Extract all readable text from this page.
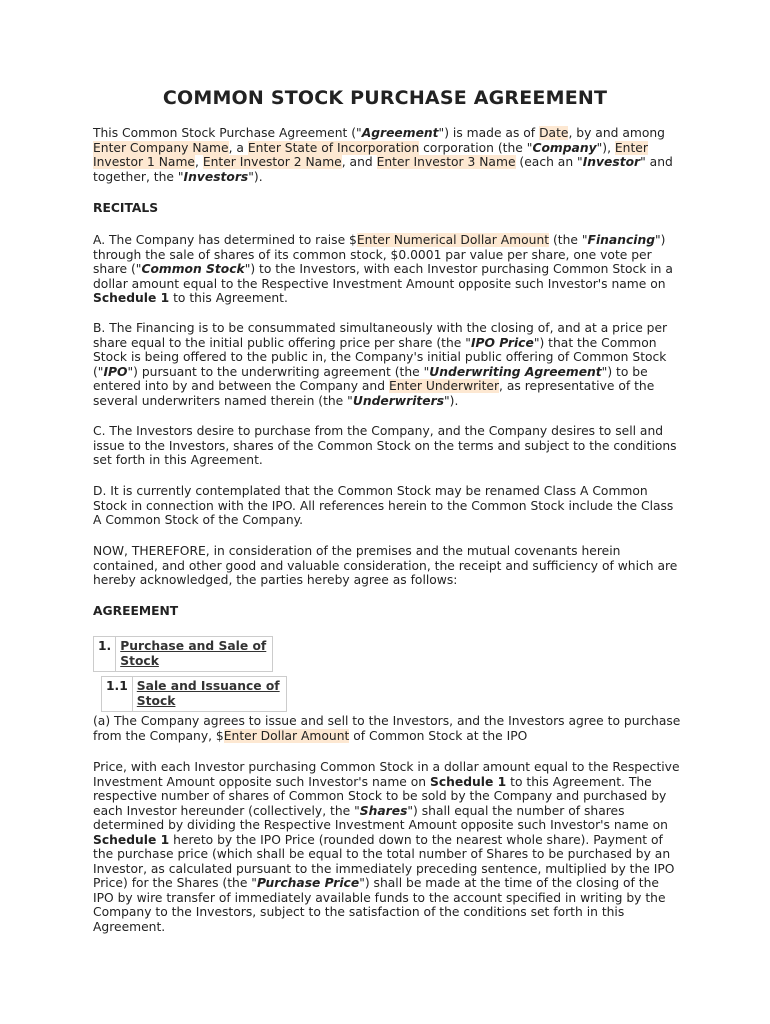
COMMON STOCK PURCHASE AGREEMENT

This Common Stock Purchase Agreement ("Agreement") is made as of Date, by and among Enter Company Name, a Enter State of Incorporation corporation (the "Company"), Enter Investor 1 Name, Enter Investor 2 Name, and Enter Investor 3 Name (each an "Investor" and together, the "Investors").

RECITALS

A. The Company has determined to raise $Enter Numerical Dollar Amount (the "Financing") through the sale of shares of its common stock, $0.0001 par value per share, one vote per share ("Common Stock") to the Investors, with each Investor purchasing Common Stock in a dollar amount equal to the Respective Investment Amount opposite such Investor's name on Schedule 1 to this Agreement.

B. The Financing is to be consummated simultaneously with the closing of, and at a price per share equal to the initial public offering price per share (the "IPO Price") that the Common Stock is being offered to the public in, the Company's initial public offering of Common Stock ("IPO") pursuant to the underwriting agreement (the "Underwriting Agreement") to be entered into by and between the Company and Enter Underwriter, as representative of the several underwriters named therein (the "Underwriters").

C. The Investors desire to purchase from the Company, and the Company desires to sell and issue to the Investors, shares of the Common Stock on the terms and subject to the conditions set forth in this Agreement.

D. It is currently contemplated that the Common Stock may be renamed Class A Common Stock in connection with the IPO. All references herein to the Common Stock include the Class A Common Stock of the Company.

NOW, THEREFORE, in consideration of the premises and the mutual covenants herein contained, and other good and valuable consideration, the receipt and sufficiency of which are hereby acknowledged, the parties hereby agree as follows:

AGREEMENT
1.	Purchase and Sale of Stock
1.1	Sale and Issuance of Stock

(a) The Company agrees to issue and sell to the Investors, and the Investors agree to purchase from the Company, $Enter Dollar Amount of Common Stock at the IPO

Price, with each Investor purchasing Common Stock in a dollar amount equal to the Respective Investment Amount opposite such Investor's name on Schedule 1 to this Agreement. The respective number of shares of Common Stock to be sold by the Company and purchased by each Investor hereunder (collectively, the "Shares") shall equal the number of shares determined by dividing the Respective Investment Amount opposite such Investor's name on Schedule 1 hereto by the IPO Price (rounded down to the nearest whole share). Payment of the purchase price (which shall be equal to the total number of Shares to be purchased by an Investor, as calculated pursuant to the immediately preceding sentence, multiplied by the IPO Price) for the Shares (the "Purchase Price") shall be made at the time of the closing of the IPO by wire transfer of immediately available funds to the account specified in writing by the Company to the Investors, subject to the satisfaction of the conditions set forth in this Agreement.
